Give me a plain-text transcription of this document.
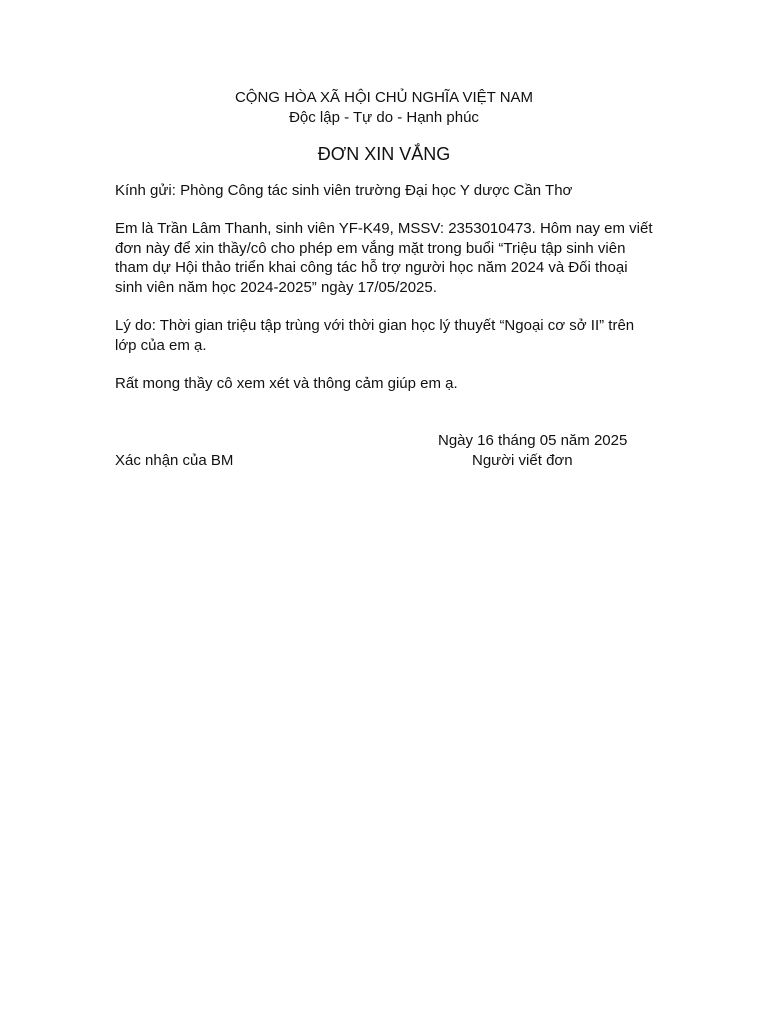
CỘNG HÒA XÃ HỘI CHỦ NGHĨA VIỆT NAM
Độc lập - Tự do - Hạnh phúc
ĐƠN XIN VẮNG
Kính gửi: Phòng Công tác sinh viên trường Đại học Y dược Cần Thơ
Em là Trần Lâm Thanh, sinh viên YF-K49, MSSV: 2353010473. Hôm nay em viết
đơn này để xin thầy/cô cho phép em vắng mặt trong buổi “Triệu tập sinh viên
tham dự Hội thảo triển khai công tác hỗ trợ người học năm 2024 và Đối thoại
sinh viên năm học 2024-2025” ngày 17/05/2025.
Lý do: Thời gian triệu tập trùng với thời gian học lý thuyết “Ngoại cơ sở II” trên
lớp của em ạ.
Rất mong thầy cô xem xét và thông cảm giúp em ạ.
Ngày 16 tháng 05 năm 2025
Xác nhận của BM	Người viết đơn
